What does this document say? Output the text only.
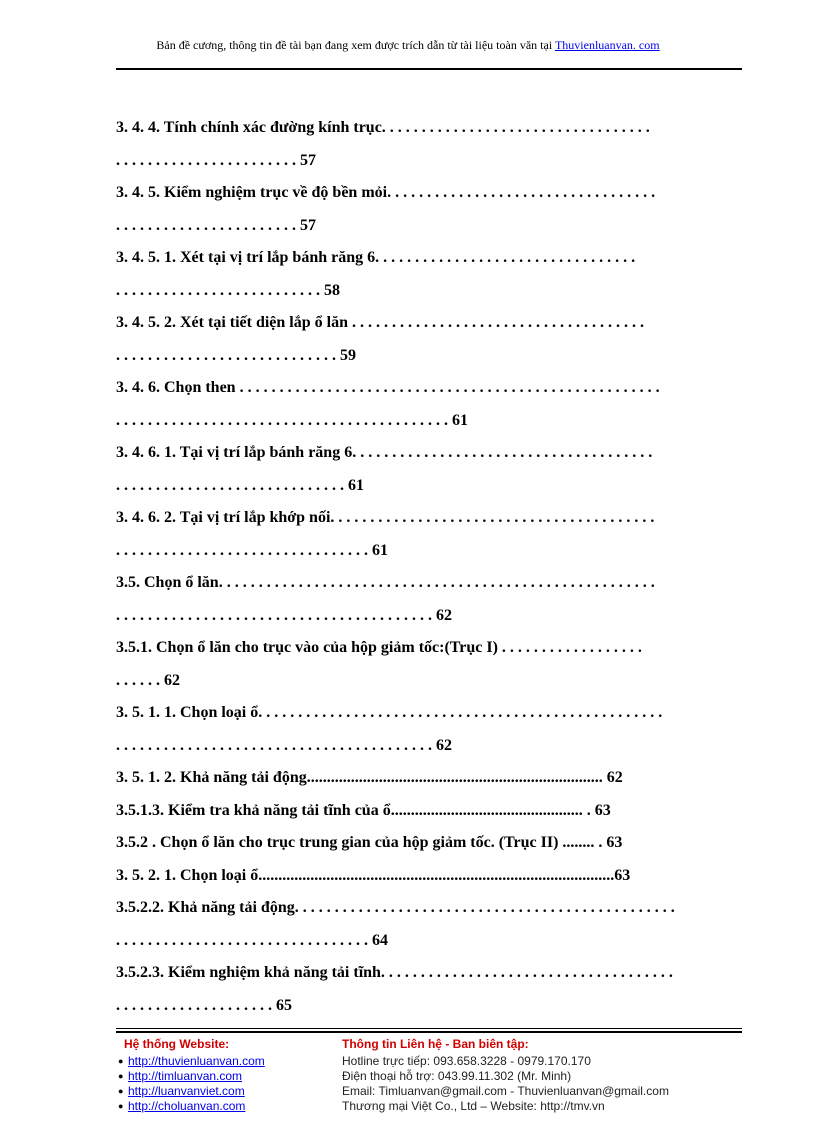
Bản đề cương, thông tin đề tài bạn đang xem được trích dẫn từ tài liệu toàn văn tại Thuvienluanvan. com
3. 4. 4. Tính chính xác đường kính trục. . . . . . . . . . . . . . . . . . . . . . . . . . . . . . . . . .
. . . . . . . . . . . . . . . . . . . . . . . 57
3. 4. 5. Kiểm nghiệm trục về độ bền mỏi. . . . . . . . . . . . . . . . . . . . . . . . . . . . . . . . . .
. . . . . . . . . . . . . . . . . . . . . . . 57
3. 4. 5. 1. Xét tại vị trí lắp bánh răng 6. . . . . . . . . . . . . . . . . . . . . . . . . . . . . . . . .
. . . . . . . . . . . . . . . . . . . . . . . . . . 58
3. 4. 5. 2. Xét tại tiết diện lắp ổ lăn . . . . . . . . . . . . . . . . . . . . . . . . . . . . . . . . . . . . .
. . . . . . . . . . . . . . . . . . . . . . . . . . . . 59
3. 4. 6. Chọn then . . . . . . . . . . . . . . . . . . . . . . . . . . . . . . . . . . . . . . . . . . . . . . . . . . . . .
. . . . . . . . . . . . . . . . . . . . . . . . . . . . . . . . . . . . . . . . . . 61
3. 4. 6. 1. Tại vị trí lắp bánh răng 6. . . . . . . . . . . . . . . . . . . . . . . . . . . . . . . . . . . . . .
. . . . . . . . . . . . . . . . . . . . . . . . . . . . . 61
3. 4. 6. 2. Tại vị trí lắp khớp nối. . . . . . . . . . . . . . . . . . . . . . . . . . . . . . . . . . . . . . . . .
. . . . . . . . . . . . . . . . . . . . . . . . . . . . . . . . 61
3.5. Chọn ổ lăn. . . . . . . . . . . . . . . . . . . . . . . . . . . . . . . . . . . . . . . . . . . . . . . . . . . . . . .
. . . . . . . . . . . . . . . . . . . . . . . . . . . . . . . . . . . . . . . . 62
3.5.1. Chọn ổ lăn cho trục vào của hộp giảm tốc:(Trục I) . . . . . . . . . . . . . . . . . .
. . . . . . 62
3. 5. 1. 1. Chọn loại ổ. . . . . . . . . . . . . . . . . . . . . . . . . . . . . . . . . . . . . . . . . . . . . . . . . . .
. . . . . . . . . . . . . . . . . . . . . . . . . . . . . . . . . . . . . . . . 62
3. 5. 1. 2. Khả năng tải động.......................................................................... 62
3.5.1.3. Kiểm tra khả năng tải tĩnh của ổ................................................ . 63
3.5.2 . Chọn ổ lăn cho trục trung gian của hộp giảm tốc. (Trục II) ........ . 63
3. 5. 2. 1. Chọn loại ổ.........................................................................................63
3.5.2.2. Khả năng tải động. . . . . . . . . . . . . . . . . . . . . . . . . . . . . . . . . . . . . . . . . . . . . . . .
. . . . . . . . . . . . . . . . . . . . . . . . . . . . . . . . 64
3.5.2.3. Kiểm nghiệm khả năng tải tĩnh. . . . . . . . . . . . . . . . . . . . . . . . . . . . . . . . . . . . .
. . . . . . . . . . . . . . . . . . . . 65
Hệ thống Website:
● http://thuvienluanvan.com
● http://timluanvan.com
● http://luanvanviet.com
● http://choluanvan.com
Thông tin Liên hệ - Ban biên tập:
Hotline trực tiếp: 093.658.3228 - 0979.170.170
Điện thoại hỗ trợ: 043.99.11.302 (Mr. Minh)
Email: Timluanvan@gmail.com - Thuvienluanvan@gmail.com
Thương mại Việt Co., Ltd – Website: http://tmv.vn
